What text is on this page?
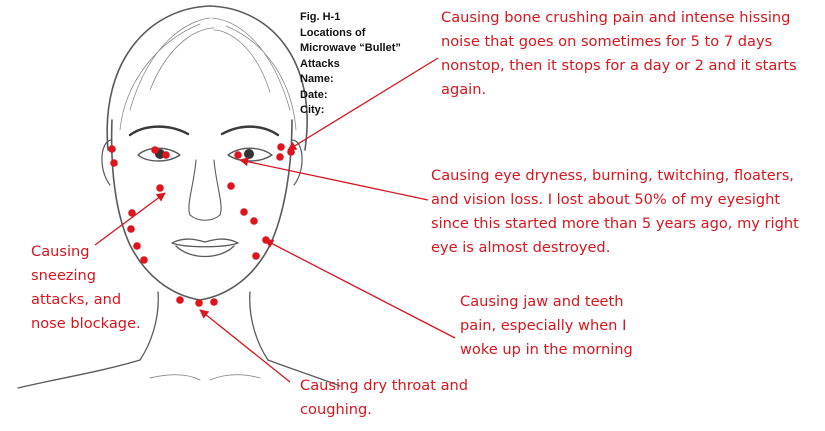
Fig. H-1
Locations of
Microwave “Bullet”
Attacks
Name:
Date:
City:
Causing bone crushing pain and intense hissing noise that goes on sometimes for 5 to 7 days nonstop, then it stops for a day or 2 and it starts again.
Causing eye dryness, burning, twitching, floaters, and vision loss. I lost about 50% of my eyesight since this started more than 5 years ago, my right eye is almost destroyed.
Causing sneezing attacks, and nose blockage.
Causing jaw and teeth pain, especially when I woke up in the morning
Causing dry throat and coughing.
